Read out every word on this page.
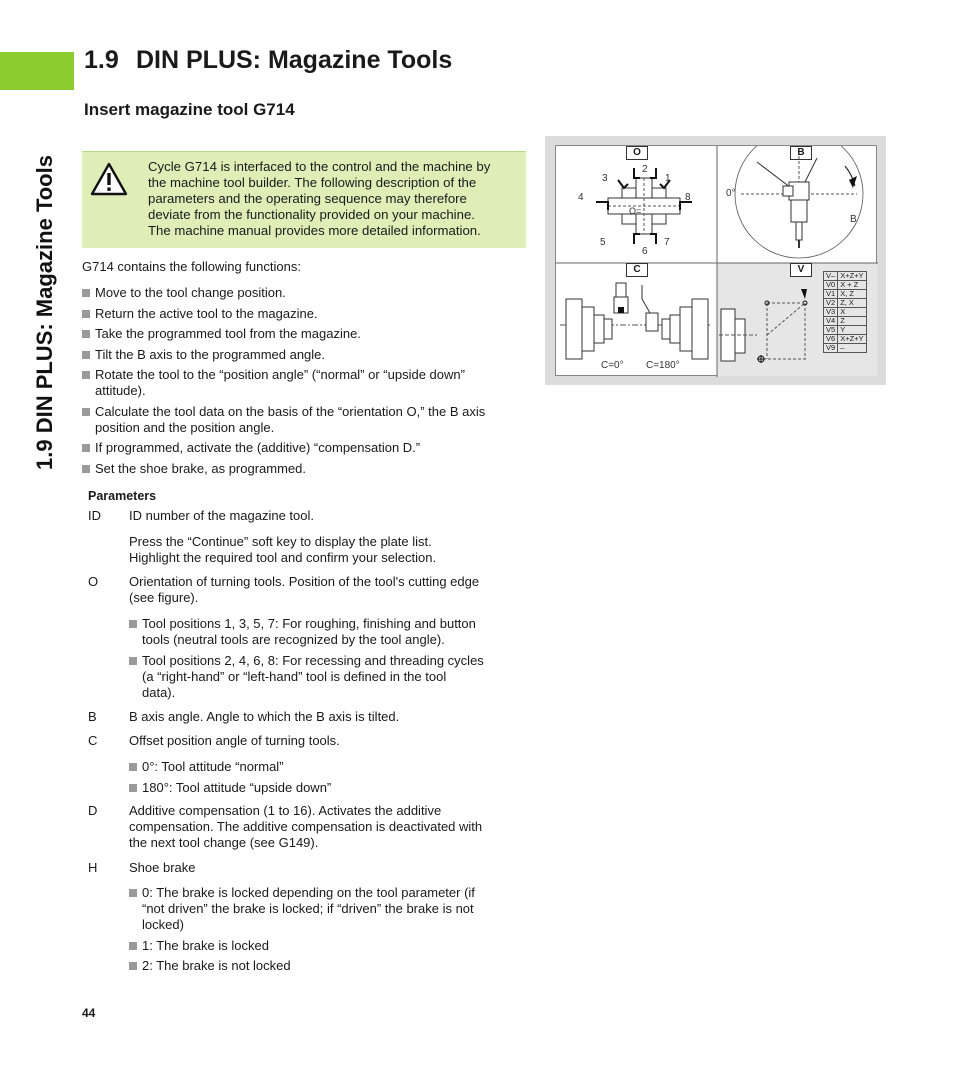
1.9 DIN PLUS: Magazine Tools
1.9 DIN PLUS: Magazine Tools
Insert magazine tool G714
Cycle G714 is interfaced to the control and the machine by
the machine tool builder. The following description of the
parameters and the operating sequence may therefore
deviate from the functionality provided on your machine.
The machine manual provides more detailed information.
G714 contains the following functions:
Move to the tool change position.
Return the active tool to the magazine.
Take the programmed tool from the magazine.
Tilt the B axis to the programmed angle.
Rotate the tool to the “position angle” (“normal” or “upside down”
attitude).
Calculate the tool data on the basis of the “orientation O,” the B axis
position and the position angle.
If programmed, activate the (additive) “compensation D.”
Set the shoe brake, as programmed.
Parameters
ID ID number of the magazine tool.

Press the “Continue” soft key to display the plate list.

Highlight the required tool and confirm your selection.

O Orientation of turning tools. Position of the tool's cutting edge

(see figure).

Tool positions 1, 3, 5, 7: For roughing, finishing and button
tools (neutral tools are recognized by the tool angle).
Tool positions 2, 4, 6, 8: For recessing and threading cycles
(a “right-hand” or “left-hand” tool is defined in the tool
data).
B B axis angle. Angle to which the B axis is tilted.

C Offset position angle of turning tools.

0°: Tool attitude “normal”
180°: Tool attitude “upside down”
D Additive compensation (1 to 16). Activates the additive

compensation. The additive compensation is deactivated with

the next tool change (see G149).

H Shoe brake

0: The brake is locked depending on the tool parameter (if
“not driven” the brake is locked; if “driven” the brake is not
locked)
1: The brake is locked
2: The brake is not locked
44
O
1
2
3
4
5
6
7
8
O=
B
0°
B
C
C=0° C=180°
V
V–	X+Z+Y
V0	X + Z
V1	X, Z
V2	Z, X
V3	X
V4	Z
V5	Y
V6	X+Z+Y
V9	–
